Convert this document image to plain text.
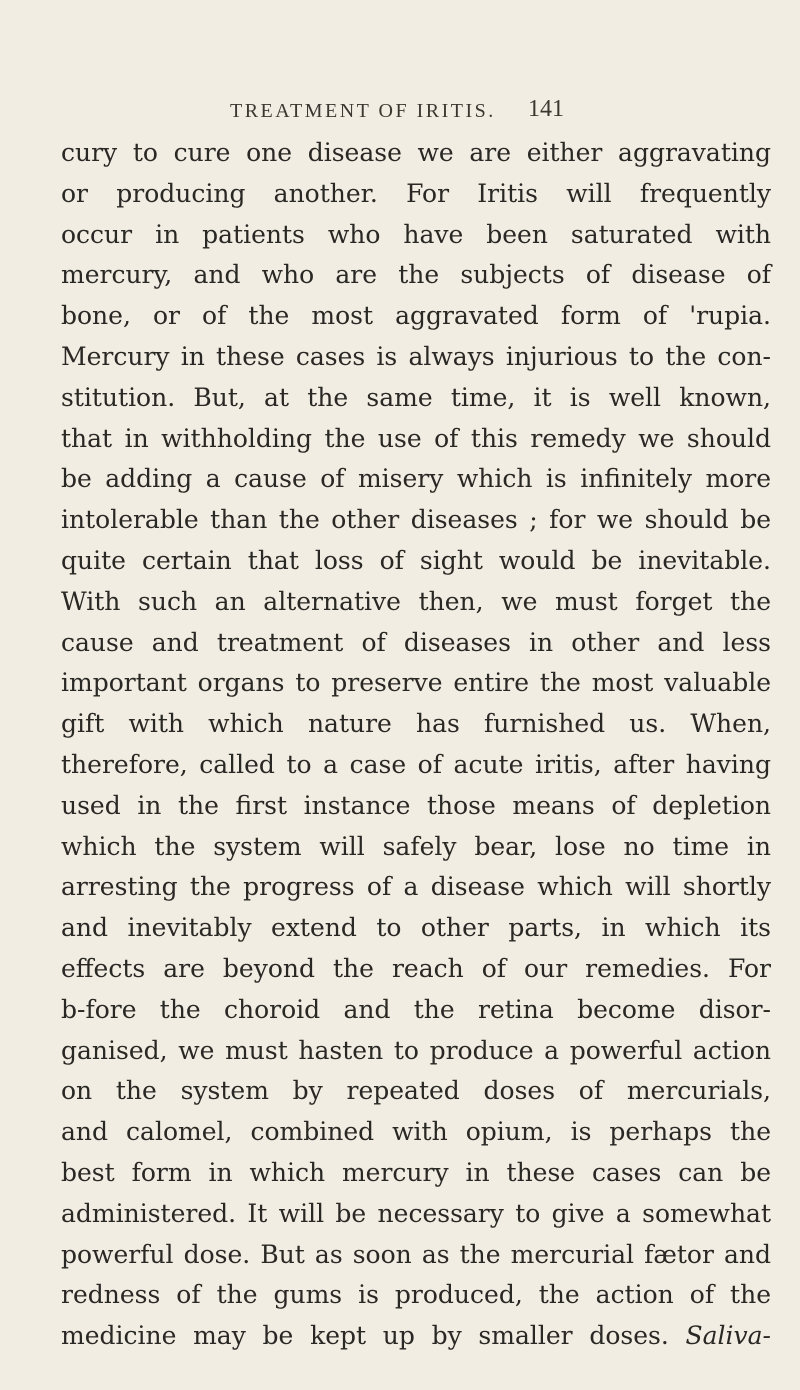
TREATMENT OF IRITIS. 141
cury to cure one disease we are either aggravating
or producing another. For Iritis will frequently
occur in patients who have been saturated with
mercury, and who are the subjects of disease of
bone, or of the most aggravated form of 'rupia.
Mercury in these cases is always injurious to the con-
stitution. But, at the same time, it is well known,
that in withholding the use of this remedy we should
be adding a cause of misery which is infinitely more
intolerable than the other diseases ; for we should be
quite certain that loss of sight would be inevitable.
With such an alternative then, we must forget the
cause and treatment of diseases in other and less
important organs to preserve entire the most valuable
gift with which nature has furnished us. When,
therefore, called to a case of acute iritis, after having
used in the first instance those means of depletion
which the system will safely bear, lose no time in
arresting the progress of a disease which will shortly
and inevitably extend to other parts, in which its
effects are beyond the reach of our remedies. For
b-fore the choroid and the retina become disor-
ganised, we must hasten to produce a powerful action
on the system by repeated doses of mercurials,
and calomel, combined with opium, is perhaps the
best form in which mercury in these cases can be
administered. It will be necessary to give a somewhat
powerful dose. But as soon as the mercurial fætor and
redness of the gums is produced, the action of the
medicine may be kept up by smaller doses. Saliva-
